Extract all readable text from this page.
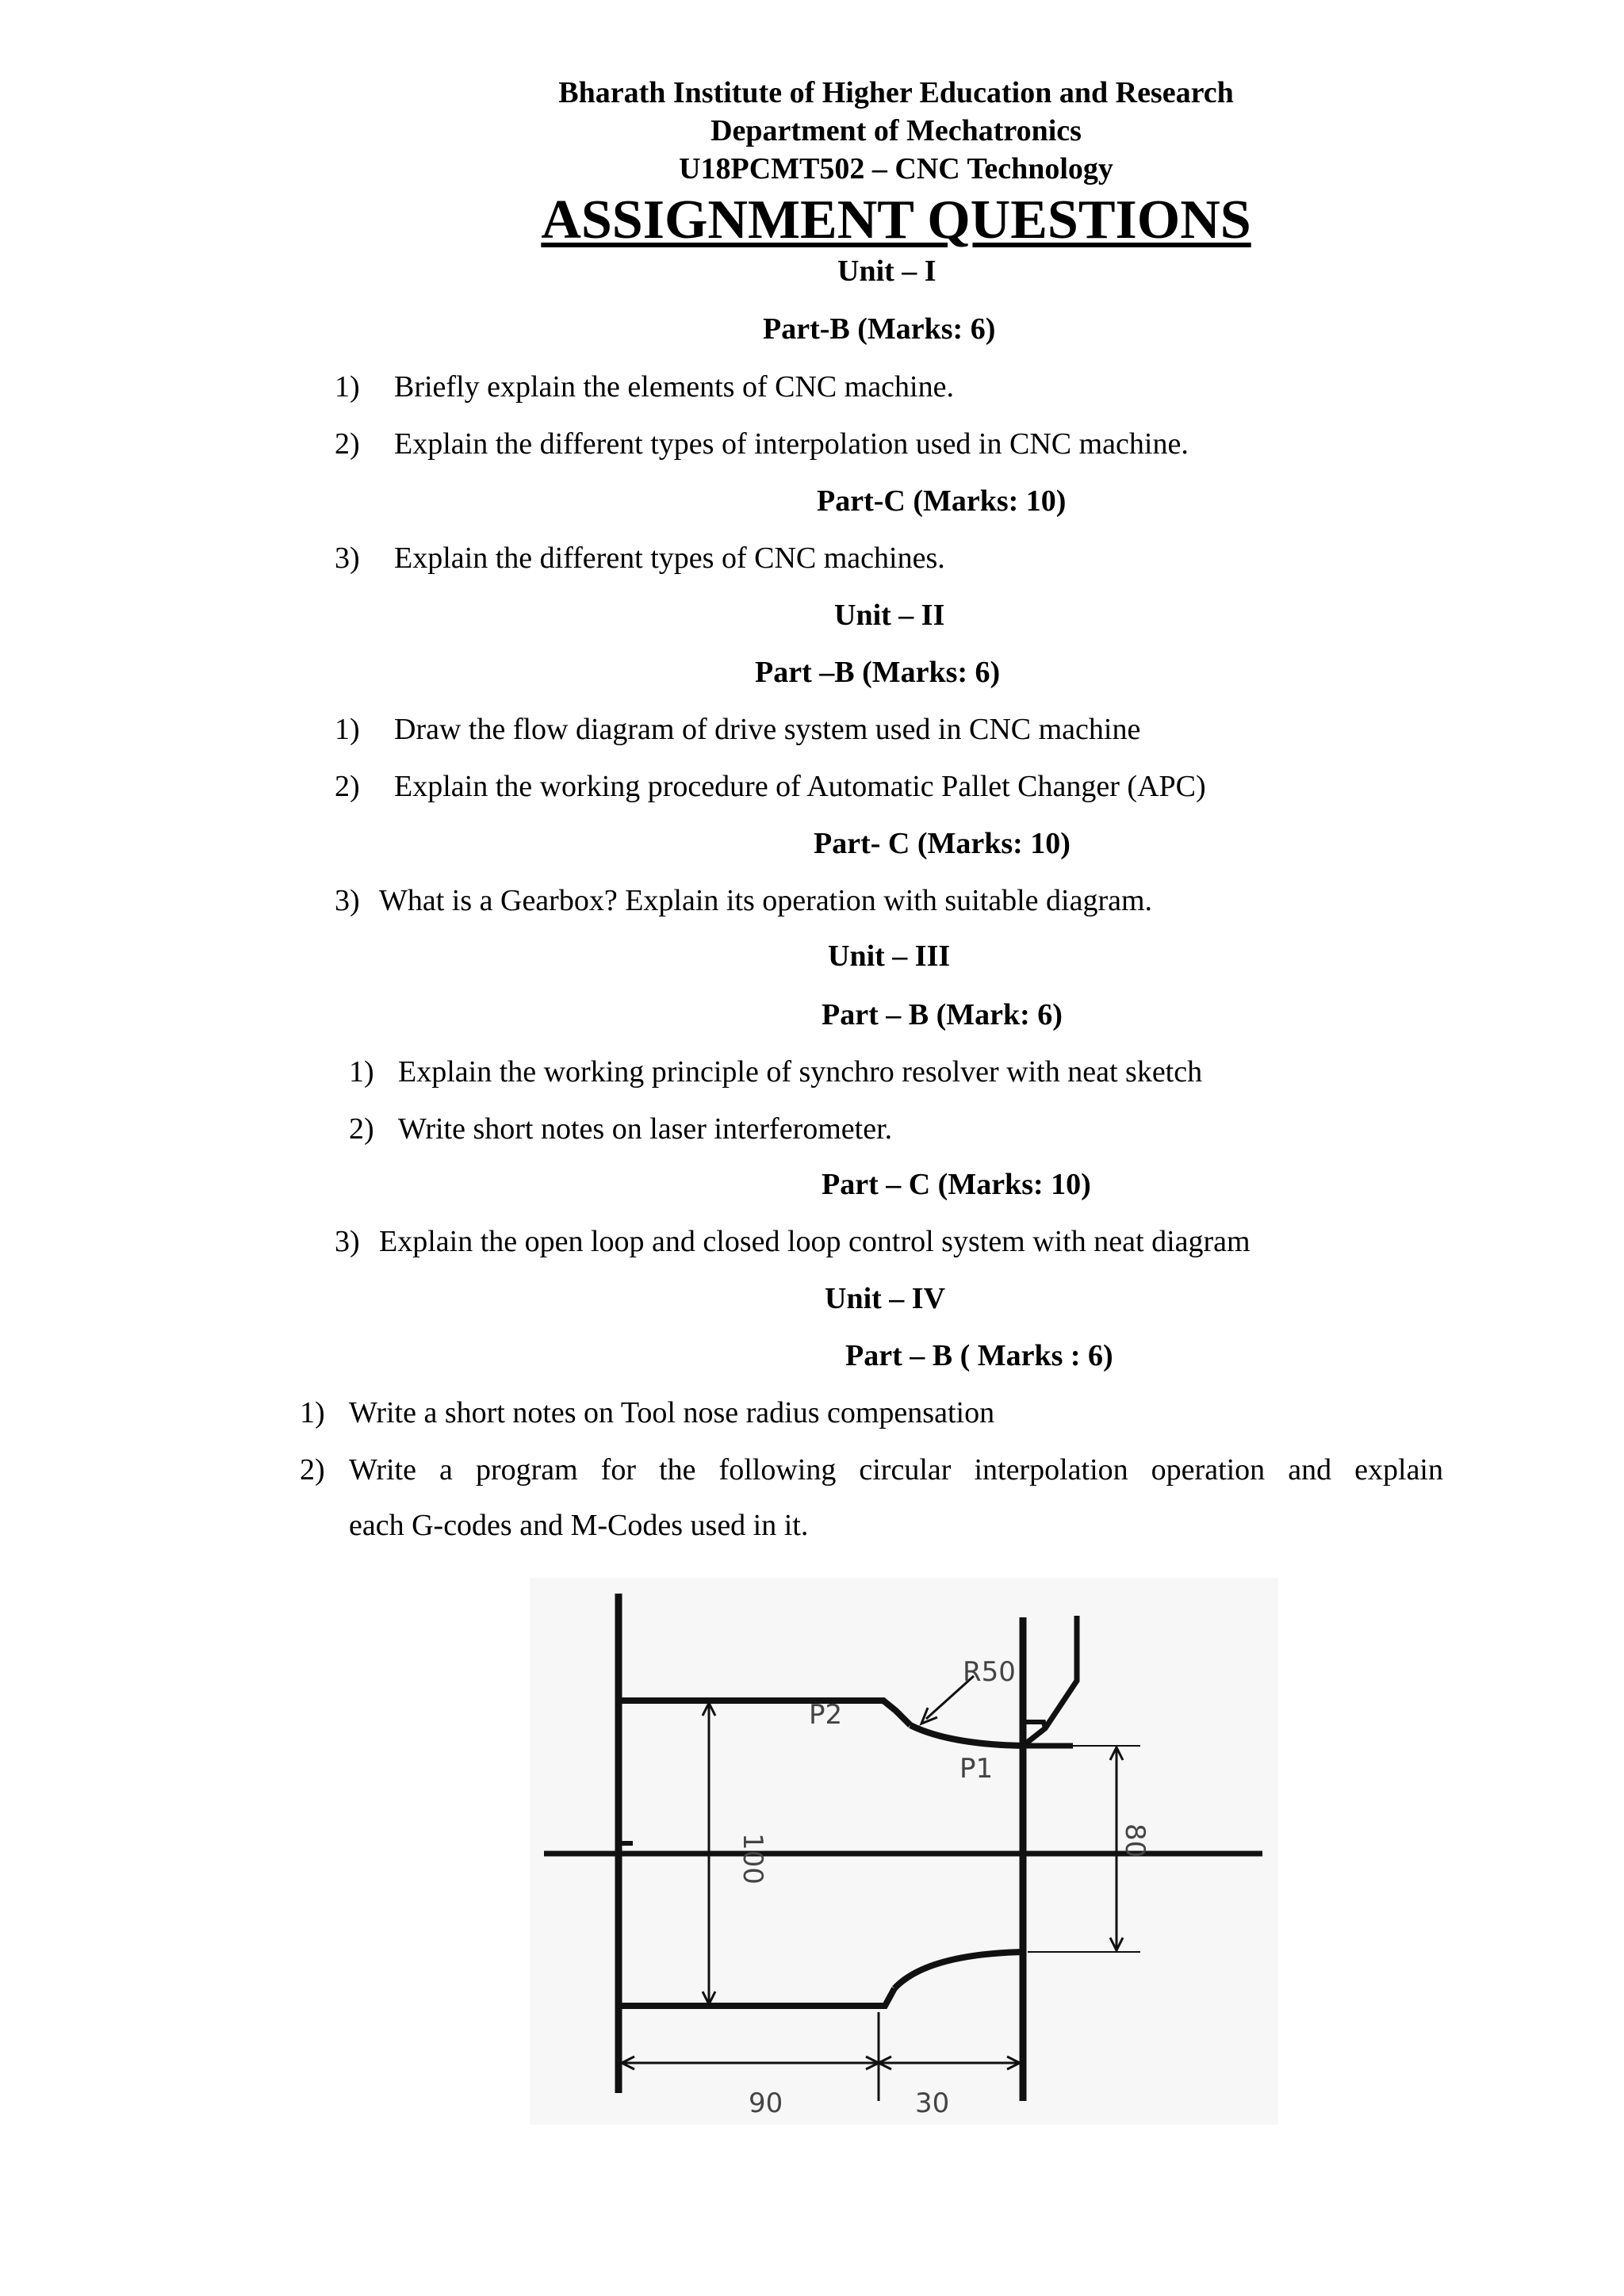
Bharath Institute of Higher Education and Research
Department of Mechatronics
U18PCMT502 – CNC Technology
ASSIGNMENT QUESTIONS
Unit – I
Part-B (Marks: 6)
1) Briefly explain the elements of CNC machine.
2) Explain the different types of interpolation used in CNC machine.
Part-C (Marks: 10)
3) Explain the different types of CNC machines.
Unit – II
Part –B (Marks: 6)
1) Draw the flow diagram of drive system used in CNC machine
2) Explain the working procedure of Automatic Pallet Changer (APC)
Part- C (Marks: 10)
3) What is a Gearbox? Explain its operation with suitable diagram.
Unit – III
Part – B (Mark: 6)
1) Explain the working principle of synchro resolver with neat sketch
2) Write short notes on laser interferometer.
Part – C (Marks: 10)
3) Explain the open loop and closed loop control system with neat diagram
Unit – IV
Part – B ( Marks : 6)
1) Write a short notes on Tool nose radius compensation
2) Write a program for the following circular interpolation operation and explain
each G-codes and M-Codes used in it.
R50
P2
P1
100	80
90	30
